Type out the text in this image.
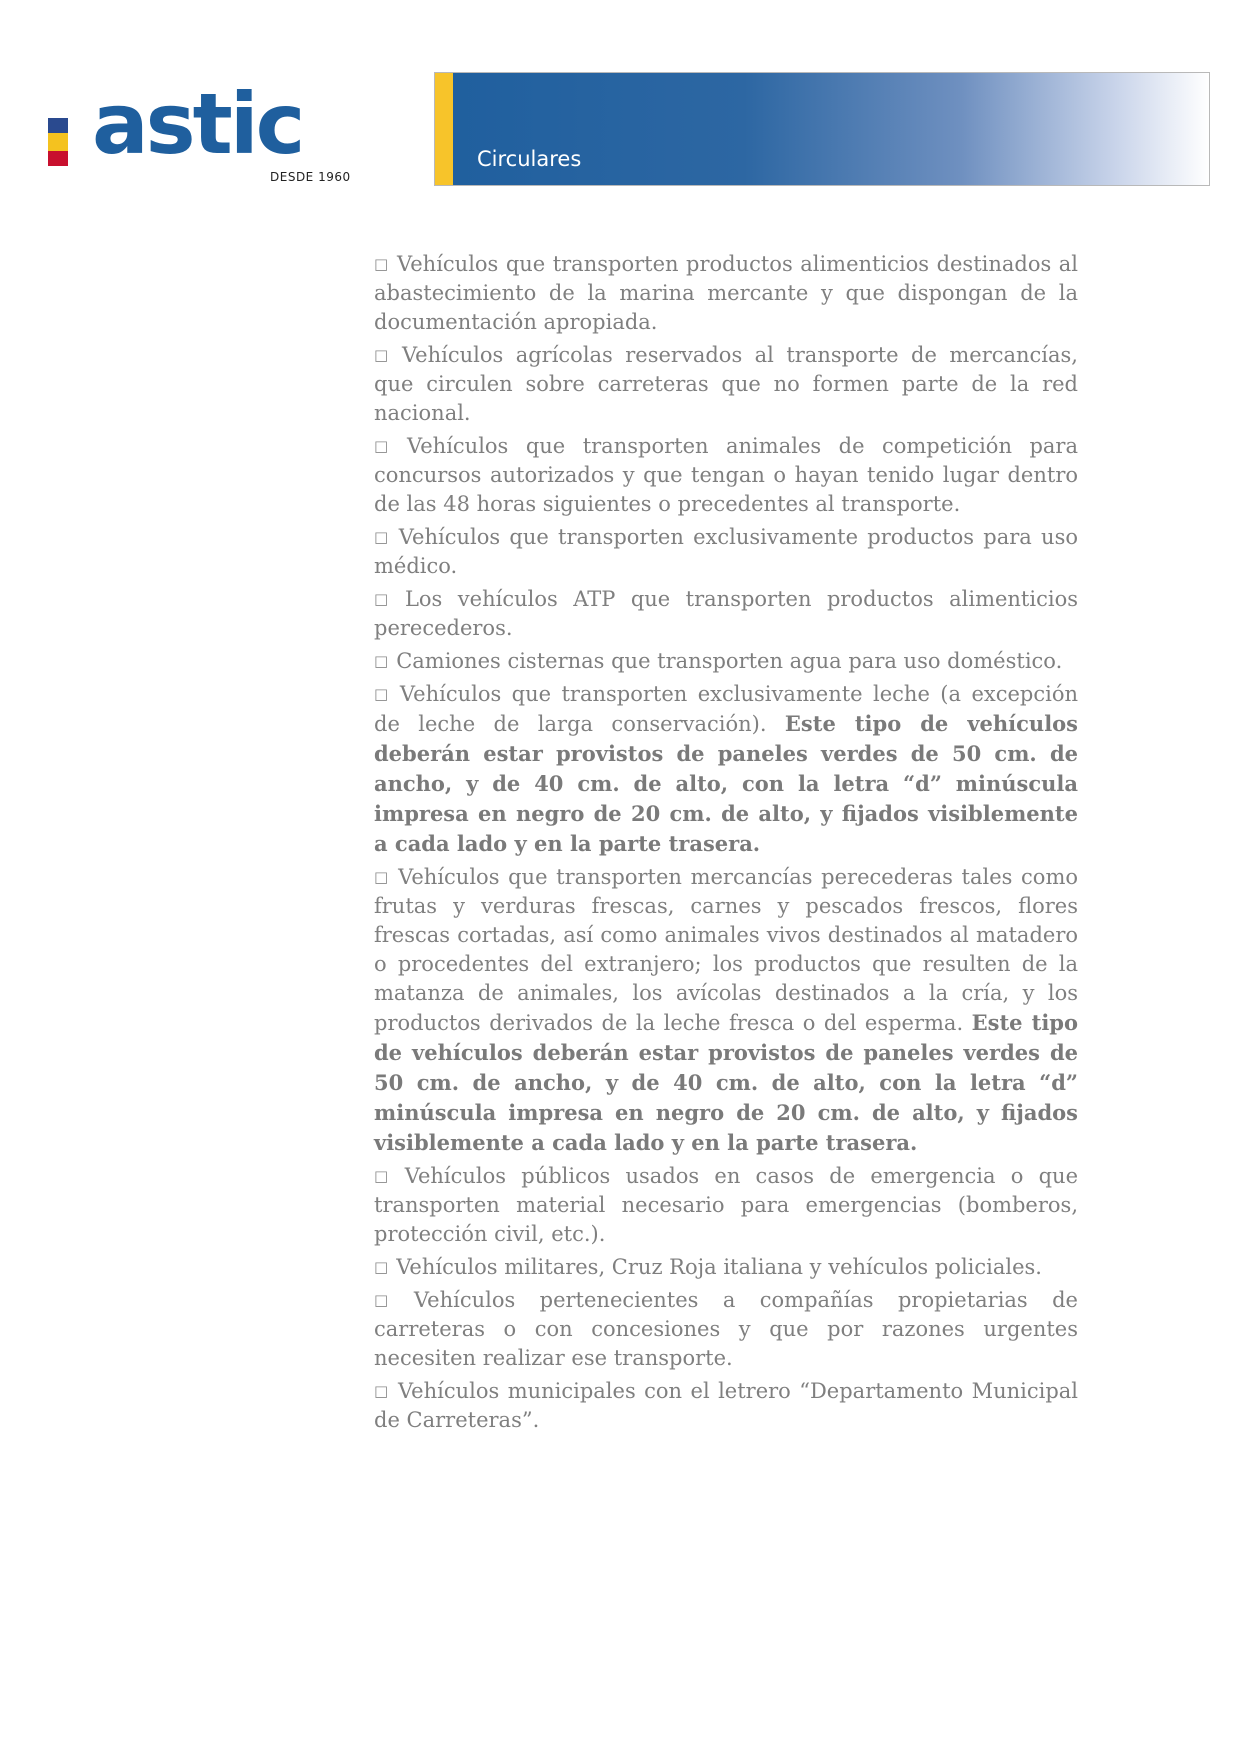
astic
DESDE 1960
Circulares

□ Vehículos que transporten productos alimenticios destinados al abastecimiento de la marina mercante y que dispongan de la documentación apropiada.

□ Vehículos agrícolas reservados al transporte de mercancías, que circulen sobre carreteras que no formen parte de la red nacional.

□ Vehículos que transporten animales de competición para concursos autorizados y que tengan o hayan tenido lugar dentro de las 48 horas siguientes o precedentes al transporte.

□ Vehículos que transporten exclusivamente productos para uso médico.

□ Los vehículos ATP que transporten productos alimenticios perecederos.

□ Camiones cisternas que transporten agua para uso doméstico.

□ Vehículos que transporten exclusivamente leche (a excepción de leche de larga conservación). Este tipo de vehículos deberán estar provistos de paneles verdes de 50 cm. de ancho, y de 40 cm. de alto, con la letra “d” minúscula impresa en negro de 20 cm. de alto, y fijados visiblemente a cada lado y en la parte trasera.

□ Vehículos que transporten mercancías perecederas tales como frutas y verduras frescas, carnes y pescados frescos, flores frescas cortadas, así como animales vivos destinados al matadero o procedentes del extranjero; los productos que resulten de la matanza de animales, los avícolas destinados a la cría, y los productos derivados de la leche fresca o del esperma. Este tipo de vehículos deberán estar provistos de paneles verdes de 50 cm. de ancho, y de 40 cm. de alto, con la letra “d” minúscula impresa en negro de 20 cm. de alto, y fijados visiblemente a cada lado y en la parte trasera.

□ Vehículos públicos usados en casos de emergencia o que transporten material necesario para emergencias (bomberos, protección civil, etc.).

□ Vehículos militares, Cruz Roja italiana y vehículos policiales.

□ Vehículos pertenecientes a compañías propietarias de carreteras o con concesiones y que por razones urgentes necesiten realizar ese transporte.

□ Vehículos municipales con el letrero “Departamento Municipal de Carreteras”.
